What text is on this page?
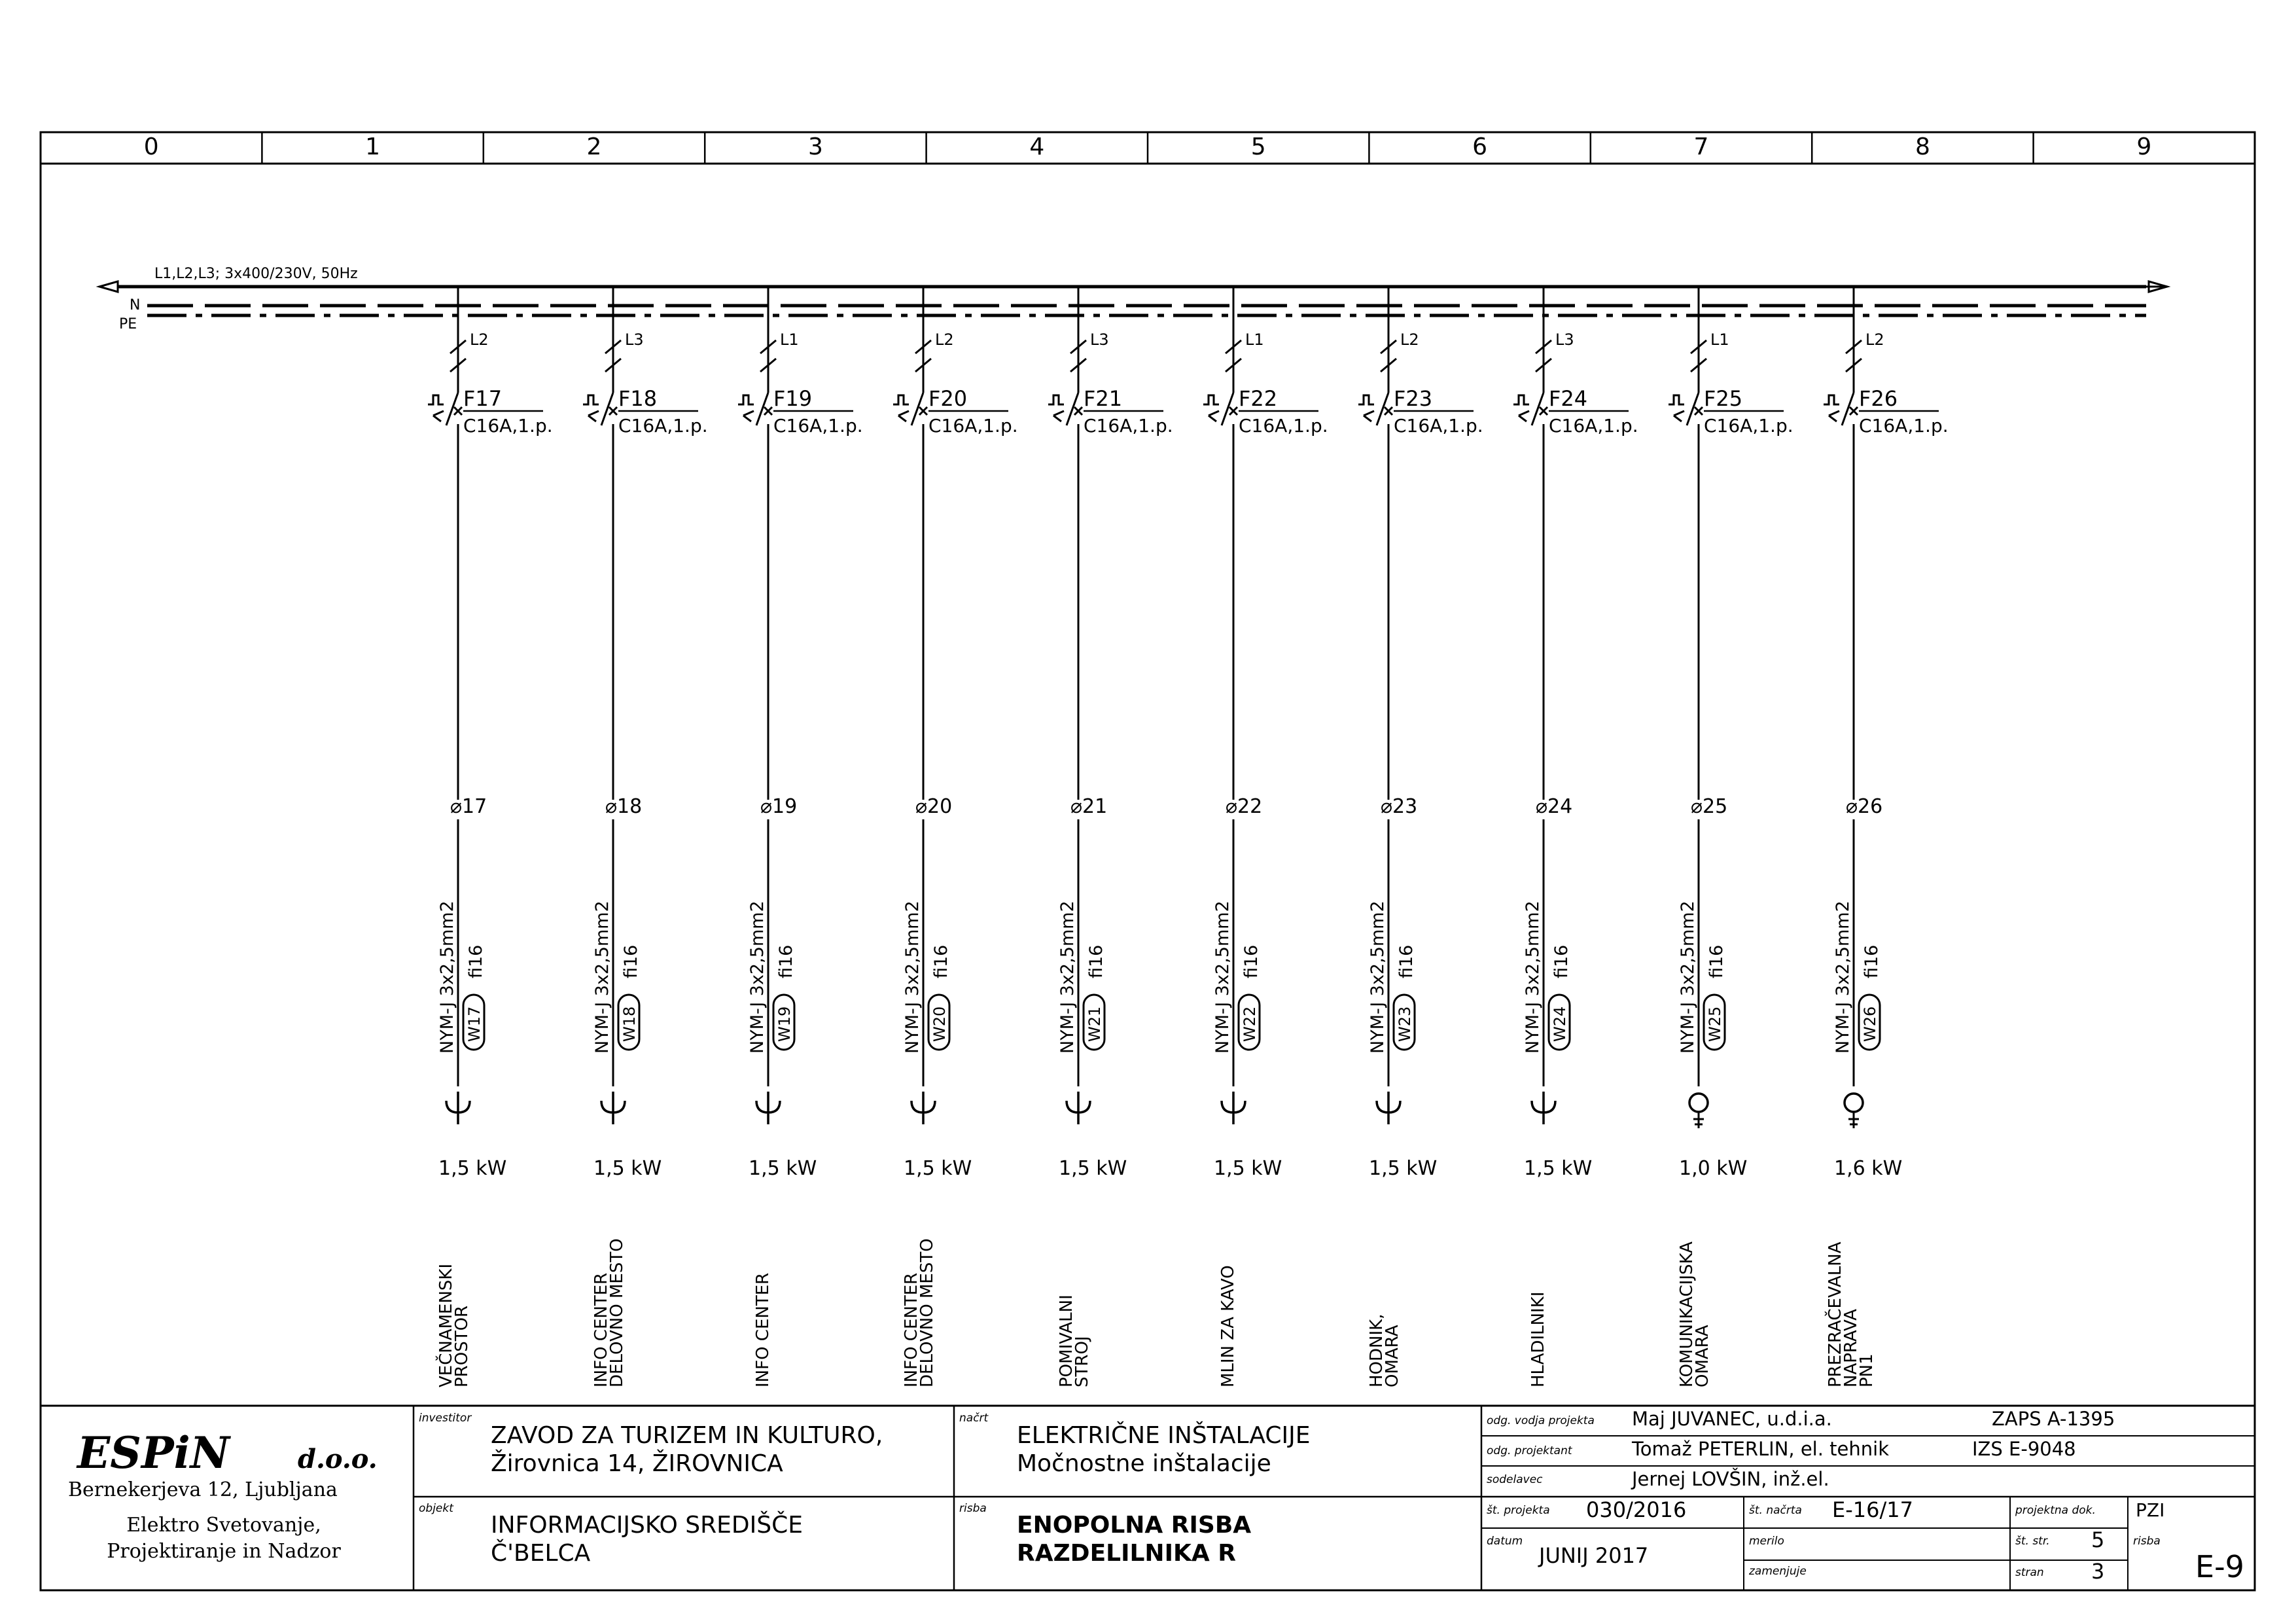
0	1	2	3	4	5	6	7	8	9
L1,L2,L3; 3x400/230V, 50Hz
N
PE
L2
F17
C16A,1.p.
⌀17
NYM-J 3x2,5mm2 fi16
W17
1,5 kW
VEČNAMENSKI
PROSTOR
L3
F18
C16A,1.p.
⌀18
NYM-J 3x2,5mm2 fi16
W18
1,5 kW
INFO CENTER
DELOVNO MESTO
L1
F19
C16A,1.p.
⌀19
NYM-J 3x2,5mm2 fi16
W19
1,5 kW
INFO CENTER
L2
F20
C16A,1.p.
⌀20
NYM-J 3x2,5mm2 fi16
W20
1,5 kW
INFO CENTER
DELOVNO MESTO
L3
F21
C16A,1.p.
⌀21
NYM-J 3x2,5mm2 fi16
W21
1,5 kW
POMIVALNI
STROJ
L1
F22
C16A,1.p.
⌀22
NYM-J 3x2,5mm2 fi16
W22
1,5 kW
MLIN ZA KAVO
L2
F23
C16A,1.p.
⌀23
NYM-J 3x2,5mm2 fi16
W23
1,5 kW
HODNIK,
OMARA
L3
F24
C16A,1.p.
⌀24
NYM-J 3x2,5mm2 fi16
W24
1,5 kW
HLADILNIKI
L1
F25
C16A,1.p.
⌀25
NYM-J 3x2,5mm2 fi16
W25
1,0 kW
KOMUNIKACIJSKA
OMARA
L2
F26
C16A,1.p.
⌀26
NYM-J 3x2,5mm2 fi16
W26
1,6 kW
PREZRAČEVALNA
NAPRAVA
PN1
ESPiN	d.o.o.
Bernekerjeva 12, Ljubljana
Elektro Svetovanje,
Projektiranje in Nadzor
investitor
ZAVOD ZA TURIZEM IN KULTURO,
Žirovnica 14, ŽIROVNICA
objekt
INFORMACIJSKO SREDIŠČE
Č'BELCA
načrt
ELEKTRIČNE INŠTALACIJE
Močnostne inštalacije
risba
ENOPOLNA RISBA
RAZDELILNIKA R
odg. vodja projekta Maj JUVANEC, u.d.i.a.	ZAPS A-1395
odg. projektant	Tomaž PETERLIN, el. tehnik	IZS E-9048
sodelavec	Jernej LOVŠIN, inž.el.
št. projekta 030/2016
datum
JUNIJ 2017
št. načrta E-16/17
merilo
zamenjuje
projektna dok. PZI
št. str. 5
stran 3
risba
E-9
